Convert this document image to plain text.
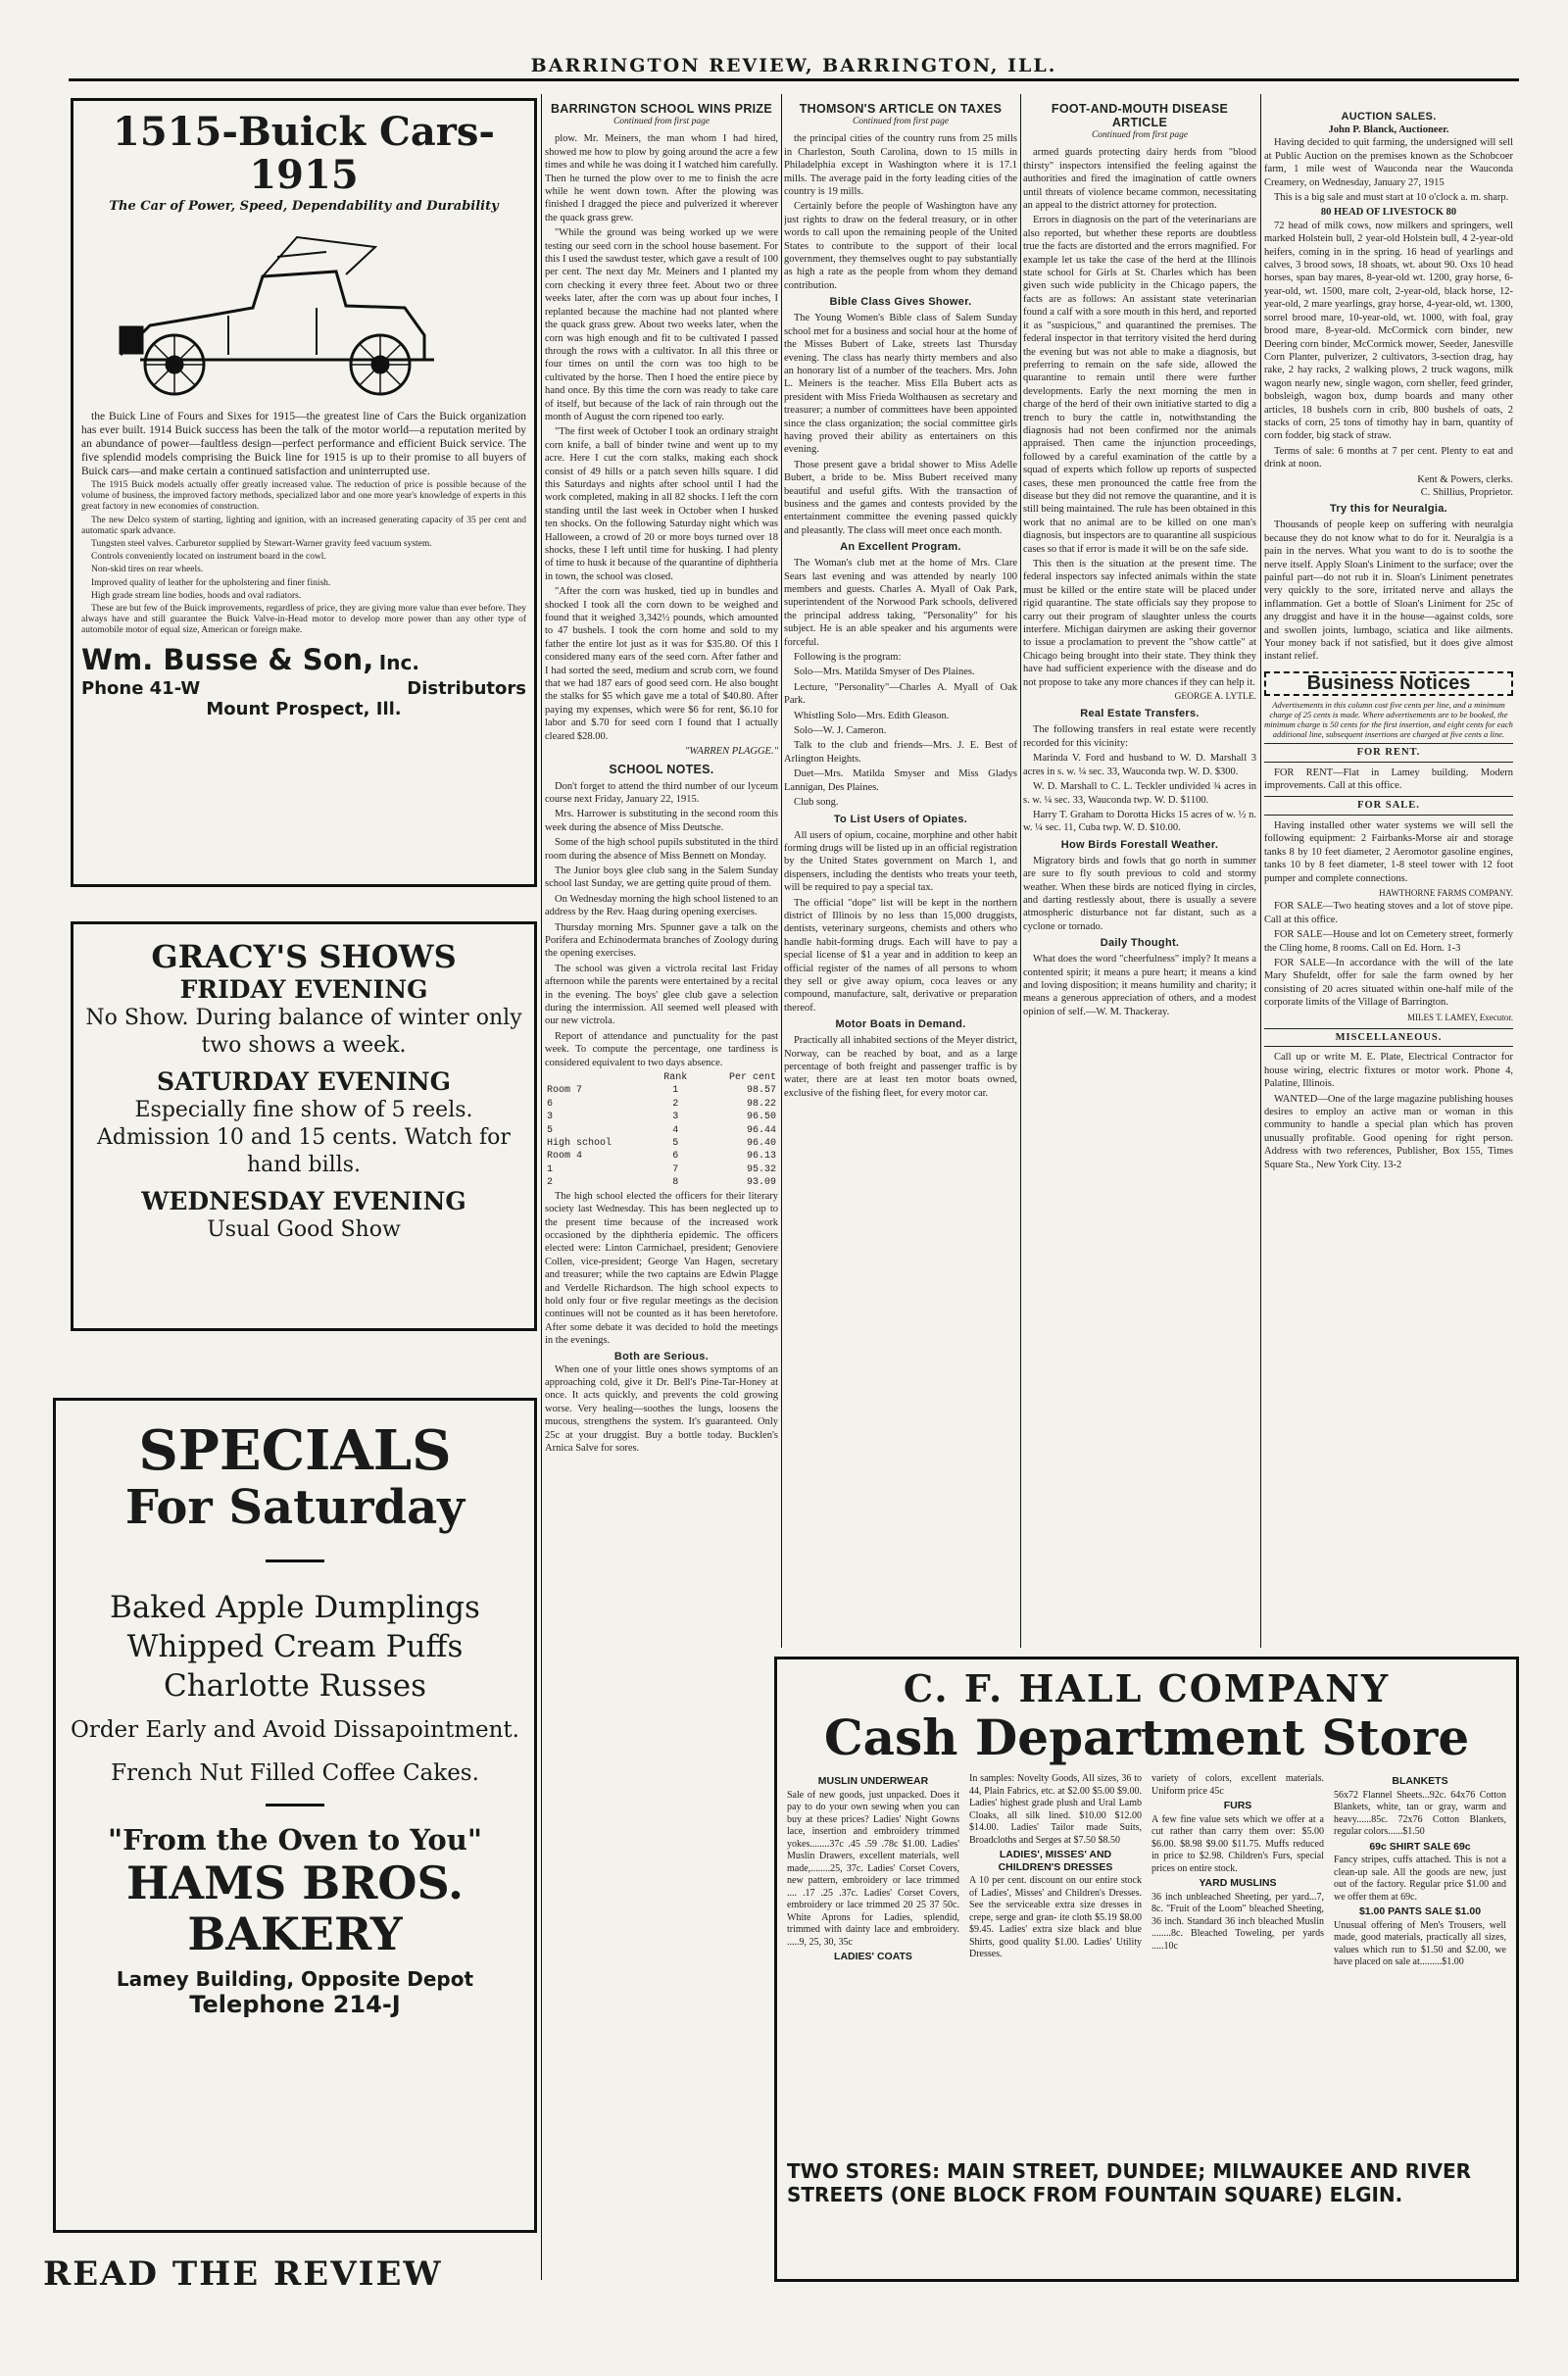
BARRINGTON REVIEW, BARRINGTON, ILL.
1515-Buick Cars-1915
The Car of Power, Speed, Dependability and Durability

the Buick Line of Fours and Sixes for 1915—the greatest line of Cars the Buick organization has ever built. 1914 Buick success has been the talk of the motor world—a reputation merited by an abundance of power—faultless design—perfect performance and efficient Buick service. The five splendid models comprising the Buick line for 1915 is up to their promise to all buyers of Buick cars—and make certain a continued satisfaction and uninterrupted use.

The 1915 Buick models actually offer greatly increased value. The reduction of price is possible because of the volume of business, the improved factory methods, specialized labor and one more year's knowledge of experts in this great factory in new economies of construction.

The new Delco system of starting, lighting and ignition, with an increased generating capacity of 35 per cent and automatic spark advance.

Tungsten steel valves. Carburetor supplied by Stewart-Warner gravity feed vacuum system.

Controls conveniently located on instrument board in the cowl.

Non-skid tires on rear wheels.

Improved quality of leather for the upholstering and finer finish.

High grade stream line bodies, hoods and oval radiators.

These are but few of the Buick improvements, regardless of price, they are giving more value than ever before. They always have and still guarantee the Buick Valve-in-Head motor to develop more power than any other type of automobile motor of equal size, American or foreign make.

Wm. Busse & Son, Inc.
Phone 41-W	Distributors
Mount Prospect, Ill.
GRACY'S SHOWS
FRIDAY EVENING
No Show. During balance of winter only two shows a week.
SATURDAY EVENING
Especially fine show of 5 reels. Admission 10 and 15 cents. Watch for hand bills.
WEDNESDAY EVENING
Usual Good Show
SPECIALS
For Saturday
Baked Apple Dumplings
Whipped Cream Puffs
Charlotte Russes
Order Early and Avoid Dissapointment.
French Nut Filled Coffee Cakes.
"From the Oven to You"
HAMS BROS.
BAKERY
Lamey Building, Opposite Depot
Telephone 214-J
READ THE REVIEW
BARRINGTON SCHOOL WINS PRIZE
Continued from first page

plow. Mr. Meiners, the man whom I had hired, showed me how to plow by going around the acre a few times and while he was doing it I watched him carefully. Then he turned the plow over to me to finish the acre while he went down town. After the plowing was finished I dragged the piece and pulverized it wherever the quack grass grew.

"While the ground was being worked up we were testing our seed corn in the school house basement. For this I used the sawdust tester, which gave a result of 100 per cent. The next day Mr. Meiners and I planted my corn checking it every three feet. About two or three weeks later, after the corn was up about four inches, I replanted because the machine had not planted where the quack grass grew. About two weeks later, when the corn was high enough and fit to be cultivated I passed through the rows with a cultivator. In all this three or four times on until the corn was too high to be cultivated by the horse. Then I hoed the entire piece by hand once. By this time the corn was ready to take care of itself, but because of the lack of rain through out the month of August the corn ripened too early.

"The first week of October I took an ordinary straight corn knife, a ball of binder twine and went up to my acre. Here I cut the corn stalks, making each shock consist of 49 hills or a patch seven hills square. I did this Saturdays and nights after school until I had the work completed, making in all 82 shocks. I left the corn standing until the last week in October when I husked ten shocks. On the following Saturday night which was Halloween, a crowd of 20 or more boys turned over 18 shocks, these I left until time for husking. I had plenty of time to husk it because of the quarantine of diphtheria in town, the school was closed.

"After the corn was husked, tied up in bundles and shocked I took all the corn down to be weighed and found that it weighed 3,342½ pounds, which amounted to 47 bushels. I took the corn home and sold to my father the entire lot just as it was for $35.80. Of this I considered many ears of the seed corn. After father and I had sorted the seed, medium and scrub corn, we found that we had 187 ears of good seed corn. He also bought the stalks for $5 which gave me a total of $40.80. After paying my expenses, which were $6 for rent, $6.10 for labor and $.70 for seed corn I found that I actually cleared $28.00.

"WARREN PLAGGE."
SCHOOL NOTES.

Don't forget to attend the third number of our lyceum course next Friday, January 22, 1915.

Mrs. Harrower is substituting in the second room this week during the absence of Miss Deutsche.

Some of the high school pupils substituted in the third room during the absence of Miss Bennett on Monday.

The Junior boys glee club sang in the Salem Sunday school last Sunday, we are getting quite proud of them.

On Wednesday morning the high school listened to an address by the Rev. Haag during opening exercises.

Thursday morning Mrs. Spunner gave a talk on the Porifera and Echinodermata branches of Zoology during the opening exercises.

The school was given a victrola recital last Friday afternoon while the parents were entertained by a recital in the evening. The boys' glee club gave a selection during the intermission. All seemed well pleased with our new victrola.

Report of attendance and punctuality for the past week. To compute the percentage, one tardiness is considered equivalent to two days absence.

	Rank	Per cent
Room 7	1	98.57
6	2	98.22
3	3	96.50
5	4	96.44
High school	5	96.40
Room 4	6	96.13
1	7	95.32
2	8	93.09

The high school elected the officers for their literary society last Wednesday. This has been neglected up to the present time because of the increased work occasioned by the diphtheria epidemic. The officers elected were: Linton Carmichael, president; Genoviere Collen, vice-president; George Van Hagen, secretary and treasurer; while the two captains are Edwin Plagge and Verdelle Richardson. The high school expects to hold only four or five regular meetings as the decision continues will not be counted as it has been heretofore. After some debate it was decided to hold the meetings in the evenings.

Both are Serious.

When one of your little ones shows symptoms of an approaching cold, give it Dr. Bell's Pine-Tar-Honey at once. It acts quickly, and prevents the cold growing worse. Very healing—soothes the lungs, loosens the mucous, strengthens the system. It's guaranteed. Only 25c at your druggist. Buy a bottle today. Bucklen's Arnica Salve for sores.

THOMSON'S ARTICLE ON TAXES
Continued from first page

the principal cities of the country runs from 25 mills in Charleston, South Carolina, down to 15 mills in Philadelphia except in Washington where it is 17.1 mills. The average paid in the forty leading cities of the country is 19 mills.

Certainly before the people of Washington have any just rights to draw on the federal treasury, or in other words to call upon the remaining people of the United States to contribute to the support of their local government, they themselves ought to pay substantially as high a rate as the people from whom they demand contribution.

Bible Class Gives Shower.

The Young Women's Bible class of Salem Sunday school met for a business and social hour at the home of the Misses Bubert of Lake, streets last Thursday evening. The class has nearly thirty members and also an honorary list of a number of the teachers. Mrs. John L. Meiners is the teacher. Miss Ella Bubert acts as president with Miss Frieda Wolthausen as secretary and treasurer; a number of committees have been appointed since the class organization; the social committee girls having proved their ability as entertainers on this evening.

Those present gave a bridal shower to Miss Adelle Bubert, a bride to be. Miss Bubert received many beautiful and useful gifts. With the transaction of business and the games and contests provided by the entertainment committee the evening passed quickly and pleasantly. The class will meet once each month.

An Excellent Program.

The Woman's club met at the home of Mrs. Clare Sears last evening and was attended by nearly 100 members and guests. Charles A. Myall of Oak Park, superintendent of the Norwood Park schools, delivered the principal address taking, "Personality" for his subject. He is an able speaker and his arguments were forceful.

Following is the program:

Solo—Mrs. Matilda Smyser of Des Plaines.

Lecture, "Personality"—Charles A. Myall of Oak Park.

Whistling Solo—Mrs. Edith Gleason.

Solo—W. J. Cameron.

Talk to the club and friends—Mrs. J. E. Best of Arlington Heights.

Duet—Mrs. Matilda Smyser and Miss Gladys Lannigan, Des Plaines.

Club song.

To List Users of Opiates.

All users of opium, cocaine, morphine and other habit forming drugs will be listed up in an official registration by the United States government on March 1, and dispensers, including the dentists who treats your teeth, will be required to pay a special tax.

The official "dope" list will be kept in the northern district of Illinois by no less than 15,000 druggists, dentists, veterinary surgeons, chemists and others who handle habit-forming drugs. Each will have to pay a special license of $1 a year and in addition to keep an official register of the names of all persons to whom they sell or give away opium, coca leaves or any compound, manufacture, salt, derivative or preparation thereof.

Motor Boats in Demand.

Practically all inhabited sections of the Meyer district, Norway, can be reached by boat, and as a large percentage of both freight and passenger traffic is by water, there are at least ten motor boats owned, exclusive of the fishing fleet, for every motor car.

FOOT-AND-MOUTH DISEASE ARTICLE
Continued from first page

armed guards protecting dairy herds from "blood thirsty" inspectors intensified the feeling against the authorities and fired the imagination of cattle owners until threats of violence became common, necessitating an appeal to the district attorney for protection.

Errors in diagnosis on the part of the veterinarians are also reported, but whether these reports are doubtless true the facts are distorted and the errors magnified. For example let us take the case of the herd at the Illinois state school for Girls at St. Charles which has been given such wide publicity in the Chicago papers, the facts are as follows: An assistant state veterinarian found a calf with a sore mouth in this herd, and reported it as "suspicious," and quarantined the premises. The federal inspector in that territory visited the herd during the evening but was not able to make a diagnosis, but preferring to remain on the safe side, allowed the quarantine to remain until there were further developments. Early the next morning the men in charge of the herd of their own initiative started to dig a trench to bury the cattle in, notwithstanding the diagnosis had not been confirmed nor the animals appraised. Then came the injunction proceedings, followed by a careful examination of the cattle by a squad of experts which follow up reports of suspected cases, these men pronounced the cattle free from the disease but they did not remove the quarantine, and it is still being maintained. The rule has been obtained in this work that no animal are to be killed on one man's diagnosis, but inspectors are to quarantine all suspicious cases so that if error is made it will be on the safe side.

This then is the situation at the present time. The federal inspectors say infected animals within the state must be killed or the entire state will be placed under rigid quarantine. The state officials say they propose to carry out their program of slaughter unless the courts interfere. Michigan dairymen are asking their governor to issue a proclamation to prevent the "show cattle" at Chicago being brought into their state. They think they have had sufficient experience with the disease and do not propose to take any more chances if they can help it.

GEORGE A. LYTLE.
Real Estate Transfers.

The following transfers in real estate were recently recorded for this vicinity:

Marinda V. Ford and husband to W. D. Marshall 3 acres in s. w. ¼ sec. 33, Wauconda twp. W. D. $300.

W. D. Marshall to C. L. Teckler undivided ¾ acres in s. w. ¼ sec. 33, Wauconda twp. W. D. $1100.

Harry T. Graham to Dorotta Hicks 15 acres of w. ½ n. w. ¼ sec. 11, Cuba twp. W. D. $10.00.

How Birds Forestall Weather.

Migratory birds and fowls that go north in summer are sure to fly south previous to cold and stormy weather. When these birds are noticed flying in circles, and darting restlessly about, there is usually a severe atmospheric disturbance not far distant, such as a cyclone or tornado.

Daily Thought.

What does the word "cheerfulness" imply? It means a contented spirit; it means a pure heart; it means a kind and loving disposition; it means humility and charity; it means a generous appreciation of others, and a modest opinion of self.—W. M. Thackeray.

AUCTION SALES.
John P. Blanck, Auctioneer.

Having decided to quit farming, the undersigned will sell at Public Auction on the premises known as the Schobcoer farm, 1 mile west of Wauconda near the Wauconda Creamery, on Wednesday, January 27, 1915

This is a big sale and must start at 10 o'clock a. m. sharp.

80 HEAD OF LIVESTOCK 80

72 head of milk cows, now milkers and springers, well marked Holstein bull, 2 year-old Holstein bull, 4 2-year-old heifers, coming in in the spring. 16 head of yearlings and calves, 3 brood sows, 18 shoats, wt. about 90. Oxs 10 head horses, span bay mares, 8-year-old wt. 1200, gray horse, 6-year-old, wt. 1500, mare colt, 2-year-old, black horse, 12-year-old, 2 mare yearlings, gray horse, 4-year-old, wt. 1300, sorrel brood mare, 10-year-old, wt. 1000, with foal, gray brood mare, 8-year-old. McCormick corn binder, new Deering corn binder, McCormick mower, Seeder, Janesville Corn Planter, pulverizer, 2 cultivators, 3-section drag, hay rake, 2 hay racks, 2 walking plows, 2 truck wagons, milk wagon nearly new, single wagon, corn sheller, feed grinder, bobsleigh, wagon box, dump boards and many other articles, 18 bushels corn in crib, 800 bushels of oats, 2 stacks of corn, 25 tons of timothy hay in barn, quantity of corn fodder, big stack of straw.

Terms of sale: 6 months at 7 per cent. Plenty to eat and drink at noon.

Kent & Powers, clerks.
C. Shillius, Proprietor.
Try this for Neuralgia.

Thousands of people keep on suffering with neuralgia because they do not know what to do for it. Neuralgia is a pain in the nerves. What you want to do is to soothe the nerve itself. Apply Sloan's Liniment to the surface; over the painful part—do not rub it in. Sloan's Liniment penetrates very quickly to the sore, irritated nerve and allays the inflammation. Get a bottle of Sloan's Liniment for 25c of any druggist and have it in the house—against colds, sore and swollen joints, lumbago, sciatica and like ailments. Your money back if not satisfied, but it does give almost instant relief.

Business Notices
Advertisements in this column cost five cents per line, and a minimum charge of 25 cents is made. Where advertisements are to be booked, the minimum charge is 50 cents for the first insertion, and eight cents for each additional line, subsequent insertions are charged at five cents a line.
FOR RENT.

FOR RENT—Flat in Lamey building. Modern improvements. Call at this office.

FOR SALE.

Having installed other water systems we will sell the following equipment: 2 Fairbanks-Morse air and storage tanks 8 by 10 feet diameter, 2 Aeromotor gasoline engines, tanks 10 by 8 feet diameter, 1-8 steel tower with 12 foot pumper and complete connections.

HAWTHORNE FARMS COMPANY.

FOR SALE—Two heating stoves and a lot of stove pipe. Call at this office.

FOR SALE—House and lot on Cemetery street, formerly the Cling home, 8 rooms. Call on Ed. Horn. 1-3

FOR SALE—In accordance with the will of the late Mary Shufeldt, offer for sale the farm owned by her consisting of 20 acres situated within one-half mile of the corporate limits of the Village of Barrington.

MILES T. LAMEY, Executor.
MISCELLANEOUS.

Call up or write M. E. Plate, Electrical Contractor for house wiring, electric fixtures or motor work. Phone 4, Palatine, Illinois.

WANTED—One of the large magazine publishing houses desires to employ an active man or woman in this community to handle a special plan which has proven unusually profitable. Good opening for right person. Address with two references, Publisher, Box 155, Times Square Sta., New York City. 13-2

C. F. HALL COMPANY
Cash Department Store
MUSLIN UNDERWEAR
Sale of new goods, just unpacked. Does it pay to do your own sewing when you can buy at these prices? Ladies' Night Gowns lace, insertion and embroidery trimmed yokes........37c .45 .59 .78c $1.00. Ladies' Muslin Drawers, excellent materials, well made,........25, 37c. Ladies' Corset Covers, new pattern, embroidery or lace trimmed .... .17 .25 .37c. Ladies' Corset Covers, embroidery or lace trimmed 20 25 37 50c. White Aprons for Ladies, splendid, trimmed with dainty lace and embroidery. .....9, 25, 30, 35c
LADIES' COATS
In samples: Novelty Goods, All sizes, 36 to 44, Plain Fabrics, etc. at $2.00 $5.00 $9.00. Ladies' highest grade plush and Ural Lamb Cloaks, all silk lined. $10.00 $12.00 $14.00. Ladies' Tailor made Suits, Broadcloths and Serges at $7.50 $8.50
LADIES', MISSES' AND CHILDREN'S DRESSES
A 10 per cent. discount on our entire stock of Ladies', Misses' and Children's Dresses. See the serviceable extra size dresses in crepe, serge and gran- ite cloth $5.19 $8.00 $9.45. Ladies' extra size black and blue Shirts, good quality $1.00. Ladies' Utility Dresses.
variety of colors, excellent materials. Uniform price 45c
FURS
A few fine value sets which we offer at a cut rather than carry them over: $5.00 $6.00. $8.98 $9.00 $11.75. Muffs reduced in price to $2.98. Children's Furs, special prices on entire stock.
YARD MUSLINS
36 inch unbleached Sheeting, per yard...7, 8c. "Fruit of the Loom" bleached Sheeting, 36 inch. Standard 36 inch bleached Muslin ........8c. Bleached Toweling, per yards .....10c
BLANKETS
56x72 Flannel Sheets...92c. 64x76 Cotton Blankets, white, tan or gray, warm and heavy......85c. 72x76 Cotton Blankets, regular colors......$1.50
69c SHIRT SALE 69c
Fancy stripes, cuffs attached. This is not a clean-up sale. All the goods are new, just out of the factory. Regular price $1.00 and we offer them at 69c.
$1.00 PANTS SALE $1.00
Unusual offering of Men's Trousers, well made, good materials, practically all sizes, values which run to $1.50 and $2.00, we have placed on sale at.........$1.00
TWO STORES: MAIN STREET, DUNDEE; MILWAUKEE AND RIVER STREETS (ONE BLOCK FROM FOUNTAIN SQUARE) ELGIN.
